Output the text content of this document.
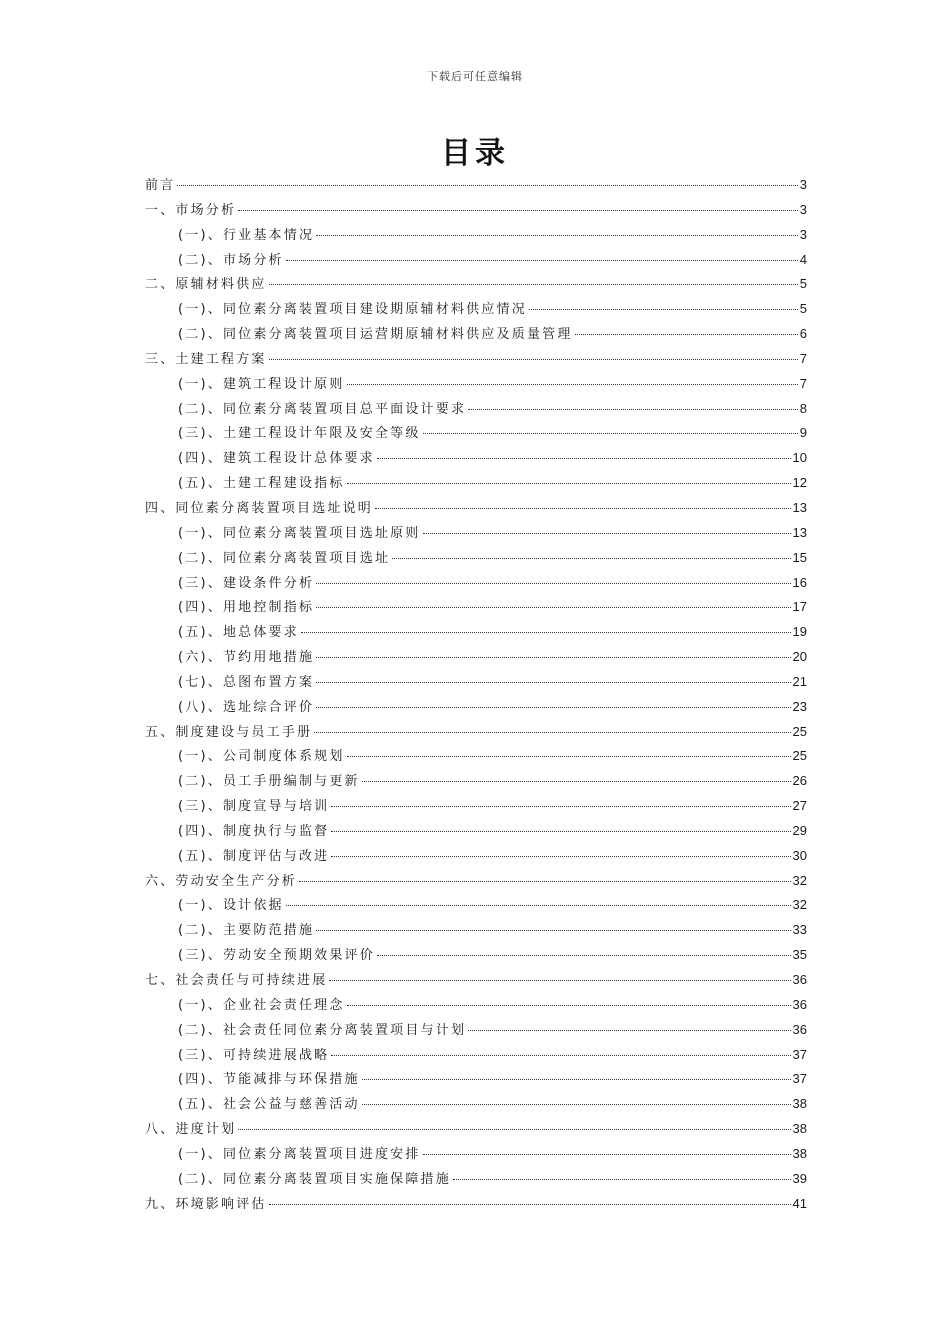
下载后可任意编辑
目录
前言	3
一、市场分析	3
(一)、行业基本情况	3
(二)、市场分析	4
二、原辅材料供应	5
(一)、同位素分离装置项目建设期原辅材料供应情况	5
(二)、同位素分离装置项目运营期原辅材料供应及质量管理	6
三、土建工程方案	7
(一)、建筑工程设计原则	7
(二)、同位素分离装置项目总平面设计要求	8
(三)、土建工程设计年限及安全等级	9
(四)、建筑工程设计总体要求	10
(五)、土建工程建设指标	12
四、同位素分离装置项目选址说明	13
(一)、同位素分离装置项目选址原则	13
(二)、同位素分离装置项目选址	15
(三)、建设条件分析	16
(四)、用地控制指标	17
(五)、地总体要求	19
(六)、节约用地措施	20
(七)、总图布置方案	21
(八)、选址综合评价	23
五、制度建设与员工手册	25
(一)、公司制度体系规划	25
(二)、员工手册编制与更新	26
(三)、制度宣导与培训	27
(四)、制度执行与监督	29
(五)、制度评估与改进	30
六、劳动安全生产分析	32
(一)、设计依据	32
(二)、主要防范措施	33
(三)、劳动安全预期效果评价	35
七、社会责任与可持续进展	36
(一)、企业社会责任理念	36
(二)、社会责任同位素分离装置项目与计划	36
(三)、可持续进展战略	37
(四)、节能减排与环保措施	37
(五)、社会公益与慈善活动	38
八、进度计划	38
(一)、同位素分离装置项目进度安排	38
(二)、同位素分离装置项目实施保障措施	39
九、环境影响评估	41
